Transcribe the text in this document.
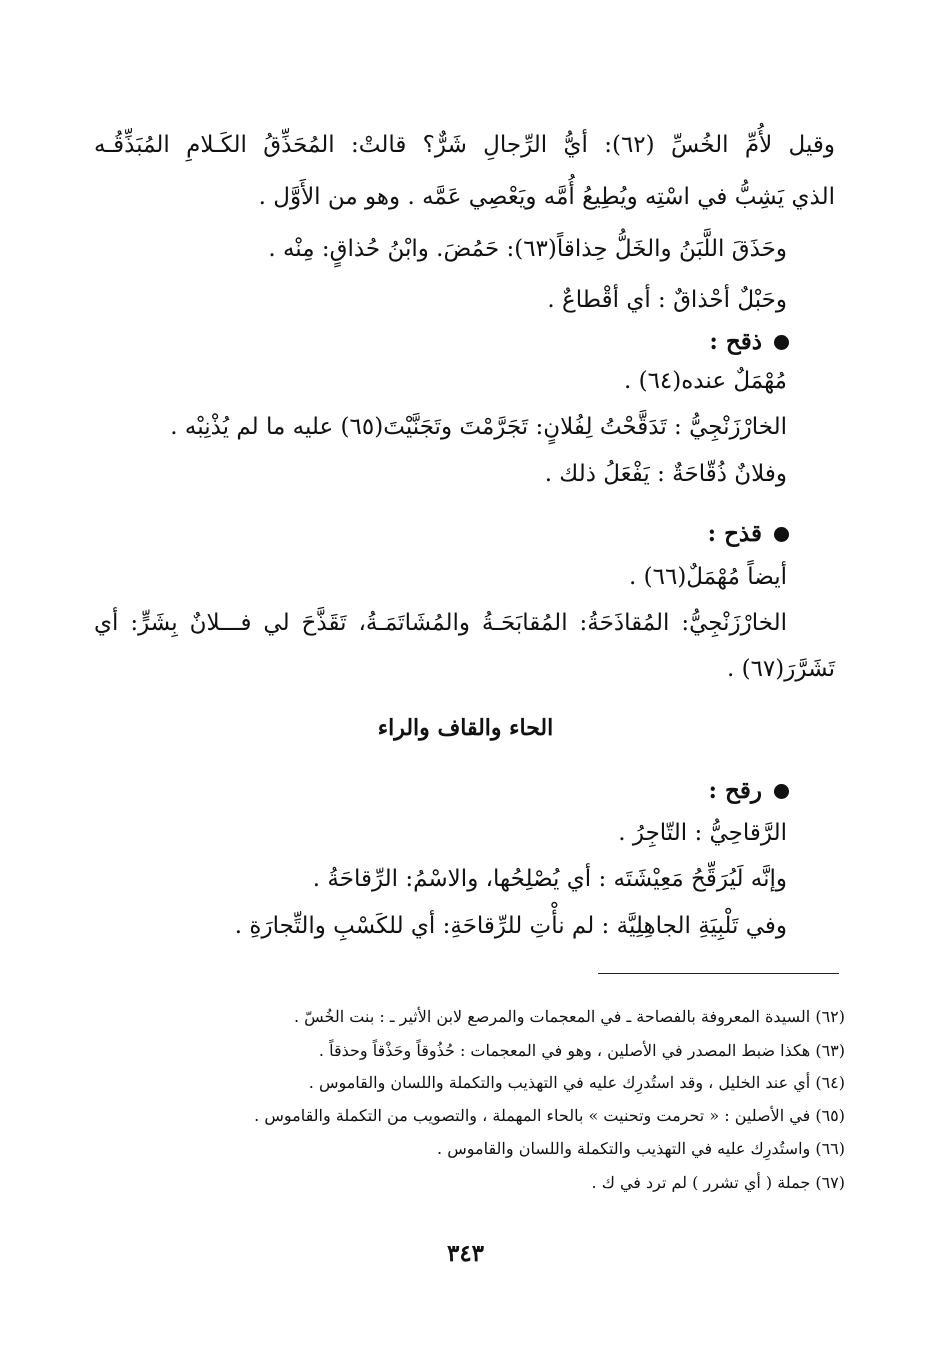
وقيل لأُمِّ الخُسِّ (٦٢): أيُّ الرِّجالِ شَرٌّ؟ قالتْ: المُحَذِّقُ الكَـلامِ المُبَذِّقُـه
الذي يَشِبُّ في اسْتِه ويُطِيعُ أُمَّه ويَعْصِي عَمَّه . وهو من الأَوَّل .
وحَذَقَ اللَّبَنُ والخَلُّ حِذاقاً(٦٣): حَمُضَ. وابْنُ حُذاقٍ: مِنْه .
وحَبْلٌ أحْذاقٌ : أي أقْطاعٌ .
ذقح :
مُهْمَلٌ عنده(٦٤) .
الخارْزَنْجِيُّ : تَدَقَّحْتُ لِفُلانٍ: تَجَرَّمْتَ وتَجَنَّيْتَ(٦٥) عليه ما لم يُذْنِبْه .
وفلانٌ ذُقّاحَةٌ : يَفْعَلُ ذلك .
قذح :
أيضاً مُهْمَلٌ(٦٦) .
الخارْزَنْجِيُّ: المُقاذَحَةُ: المُقابَحَـةُ والمُشَاتَمَـةُ، تَقَذَّحَ لي فـــلانٌ بِشَرٍّ: أي
تَشَرَّرَ(٦٧) .
الحاء والقاف والراء
رقح :
الرَّقاحِيُّ : التّاجِرُ .
وإنَّه لَيُرَقِّحُ مَعِيْشَتَه : أي يُصْلِحُها، والاسْمُ: الرِّقاحَةُ .
وفي تَلْبِيَةِ الجاهِلِيَّة : لم نأْتِ للرِّقاحَةِ: أي للكَسْبِ والتِّجارَةِ .
(٦٢) السيدة المعروفة بالفصاحة ـ في المعجمات والمرصع لابن الأثير ـ : بنت الخُسّ .
(٦٣) هكذا ضبط المصدر في الأصلين ، وهو في المعجمات : حُذُوقاً وحَذْقاً وحذقاً .
(٦٤) أي عند الخليل ، وقد استُدرِك عليه في التهذيب والتكملة واللسان والقاموس .
(٦٥) في الأصلين : « تحرمت وتحنيت » بالحاء المهملة ، والتصويب من التكملة والقاموس .
(٦٦) واستُدرِك عليه في التهذيب والتكملة واللسان والقاموس .
(٦٧) جملة ( أي تشرر ) لم ترد في ك .
٣٤٣
